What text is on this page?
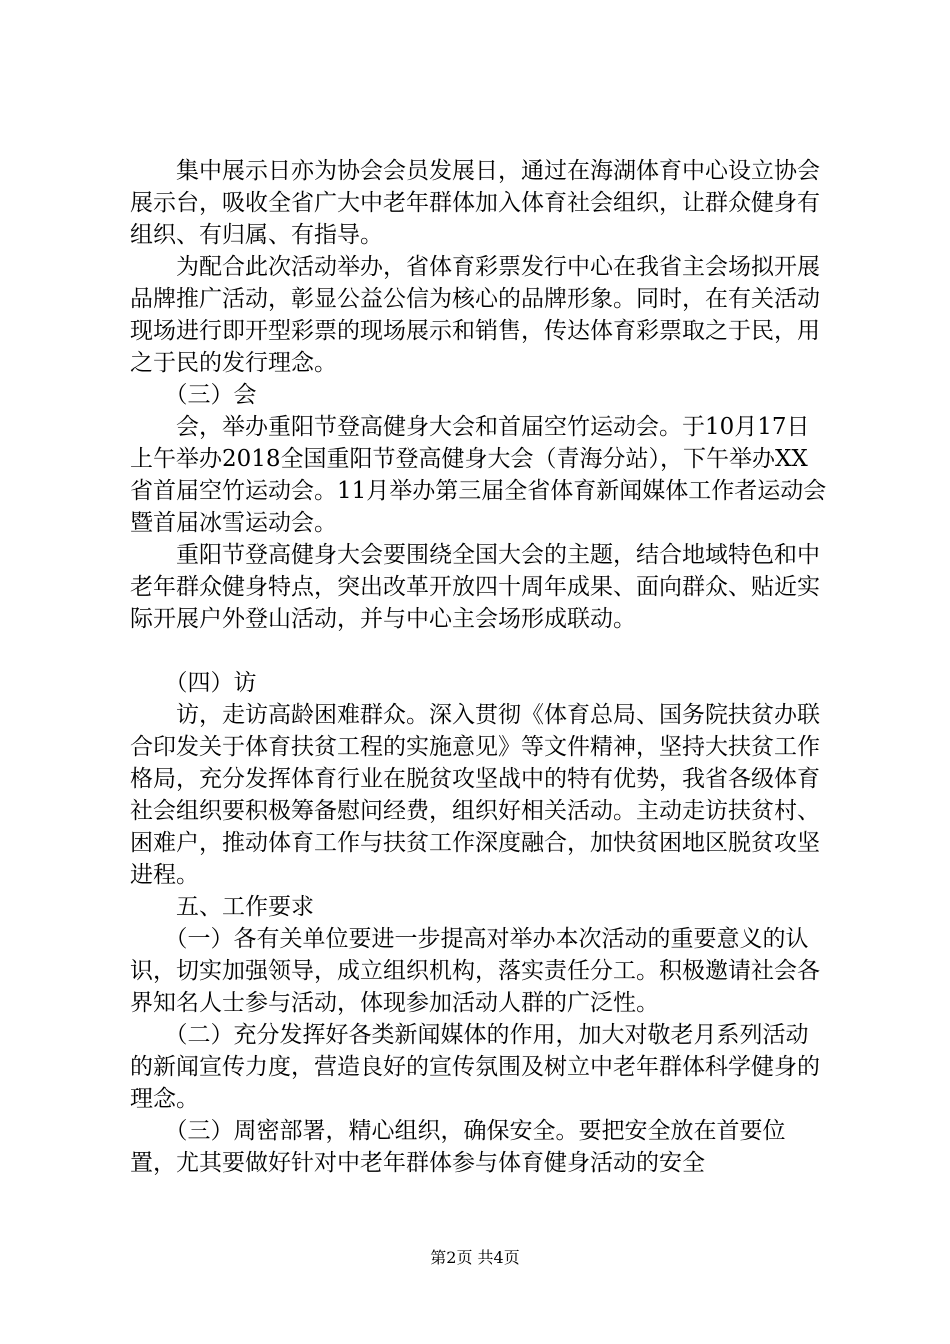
　　集中展示日亦为协会会员发展日，通过在海湖体育中心设立协会展示台，吸收全省广大中老年群体加入体育社会组织，让群众健身有组织、有归属、有指导。

　　为配合此次活动举办，省体育彩票发行中心在我省主会场拟开展品牌推广活动，彰显公益公信为核心的品牌形象。同时，在有关活动现场进行即开型彩票的现场展示和销售，传达体育彩票取之于民，用之于民的发行理念。

　　（三）会

　　会，举办重阳节登高健身大会和首届空竹运动会。于10月17日上午举办2018全国重阳节登高健身大会（青海分站），下午举办XX省首届空竹运动会。11月举办第三届全省体育新闻媒体工作者运动会暨首届冰雪运动会。

　　重阳节登高健身大会要围绕全国大会的主题，结合地域特色和中老年群众健身特点，突出改革开放四十周年成果、面向群众、贴近实际开展户外登山活动，并与中心主会场形成联动。

　　（四）访

　　访，走访高龄困难群众。深入贯彻《体育总局、国务院扶贫办联合印发关于体育扶贫工程的实施意见》等文件精神，坚持大扶贫工作格局，充分发挥体育行业在脱贫攻坚战中的特有优势，我省各级体育社会组织要积极筹备慰问经费，组织好相关活动。主动走访扶贫村、困难户，推动体育工作与扶贫工作深度融合，加快贫困地区脱贫攻坚进程。

　　五、工作要求

　　（一）各有关单位要进一步提高对举办本次活动的重要意义的认识，切实加强领导，成立组织机构，落实责任分工。积极邀请社会各界知名人士参与活动，体现参加活动人群的广泛性。

　　（二）充分发挥好各类新闻媒体的作用，加大对敬老月系列活动的新闻宣传力度，营造良好的宣传氛围及树立中老年群体科学健身的理念。

　　（三）周密部署，精心组织，确保安全。要把安全放在首要位置，尤其要做好针对中老年群体参与体育健身活动的安全

第2页 共4页
